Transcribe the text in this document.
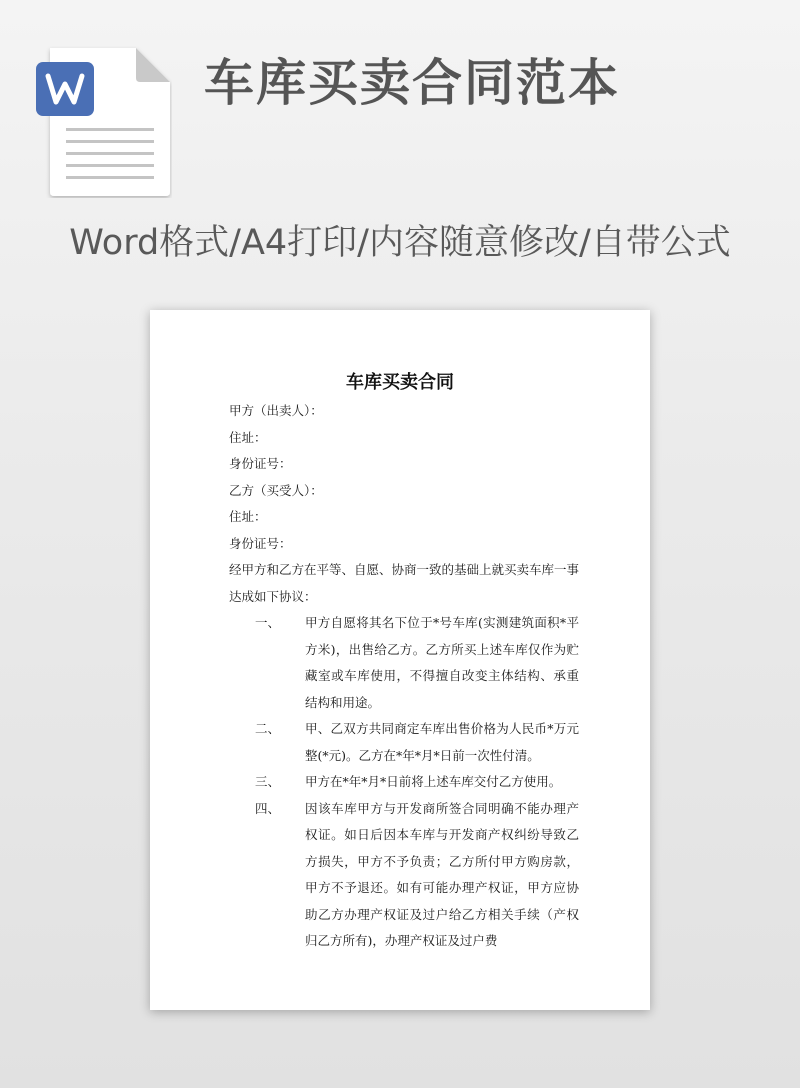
车库买卖合同范本
Word格式/A4打印/内容随意修改/自带公式
车库买卖合同

甲方（出卖人）：

住址：

身份证号：

乙方（买受人）：

住址：

身份证号：

经甲方和乙方在平等、自愿、协商一致的基础上就买卖车库一事达成如下协议：

一、 甲方自愿将其名下位于*号车库(实测建筑面积*平方米)，出售给乙方。乙方所买上述车库仅作为贮藏室或车库使用，不得擅自改变主体结构、承重结构和用途。
二、 甲、乙双方共同商定车库出售价格为人民币*万元整(*元)。乙方在*年*月*日前一次性付清。
三、 甲方在*年*月*日前将上述车库交付乙方使用。
四、 因该车库甲方与开发商所签合同明确不能办理产权证。如日后因本车库与开发商产权纠纷导致乙方损失，甲方不予负责；乙方所付甲方购房款，甲方不予退还。如有可能办理产权证，甲方应协助乙方办理产权证及过户给乙方相关手续（产权归乙方所有)，办理产权证及过户费
